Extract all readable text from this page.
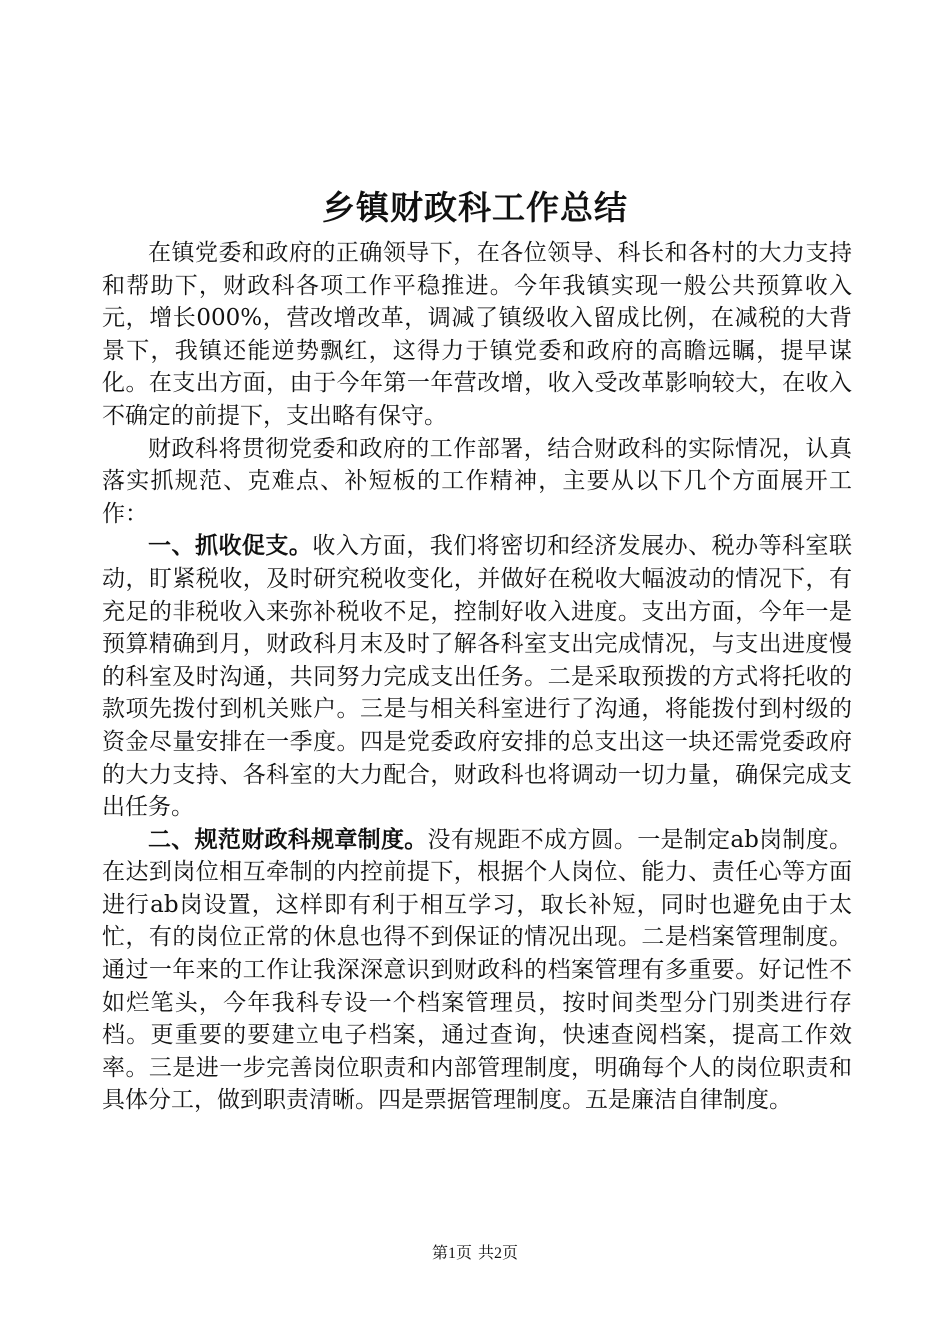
乡镇财政科工作总结

在镇党委和政府的正确领导下，在各位领导、科长和各村的大力支持和帮助下，财政科各项工作平稳推进。今年我镇实现一般公共预算收入元，增长000%，营改增改革，调减了镇级收入留成比例，在减税的大背景下，我镇还能逆势飘红，这得力于镇党委和政府的高瞻远瞩，提早谋化。在支出方面，由于今年第一年营改增，收入受改革影响较大，在收入不确定的前提下，支出略有保守。

财政科将贯彻党委和政府的工作部署，结合财政科的实际情况，认真落实抓规范、克难点、补短板的工作精神，主要从以下几个方面展开工作：

一、抓收促支。收入方面，我们将密切和经济发展办、税办等科室联动，盯紧税收，及时研究税收变化，并做好在税收大幅波动的情况下，有充足的非税收入来弥补税收不足，控制好收入进度。支出方面，今年一是预算精确到月，财政科月末及时了解各科室支出完成情况，与支出进度慢的科室及时沟通，共同努力完成支出任务。二是采取预拨的方式将托收的款项先拨付到机关账户。三是与相关科室进行了沟通，将能拨付到村级的资金尽量安排在一季度。四是党委政府安排的总支出这一块还需党委政府的大力支持、各科室的大力配合，财政科也将调动一切力量，确保完成支出任务。

二、规范财政科规章制度。没有规距不成方圆。一是制定ab岗制度。在达到岗位相互牵制的内控前提下，根据个人岗位、能力、责任心等方面进行ab岗设置，这样即有利于相互学习，取长补短，同时也避免由于太忙，有的岗位正常的休息也得不到保证的情况出现。二是档案管理制度。通过一年来的工作让我深深意识到财政科的档案管理有多重要。好记性不如烂笔头，今年我科专设一个档案管理员，按时间类型分门别类进行存档。更重要的要建立电子档案，通过查询，快速查阅档案，提高工作效率。三是进一步完善岗位职责和内部管理制度，明确每个人的岗位职责和具体分工，做到职责清晰。四是票据管理制度。五是廉洁自律制度。

第1页 共2页
